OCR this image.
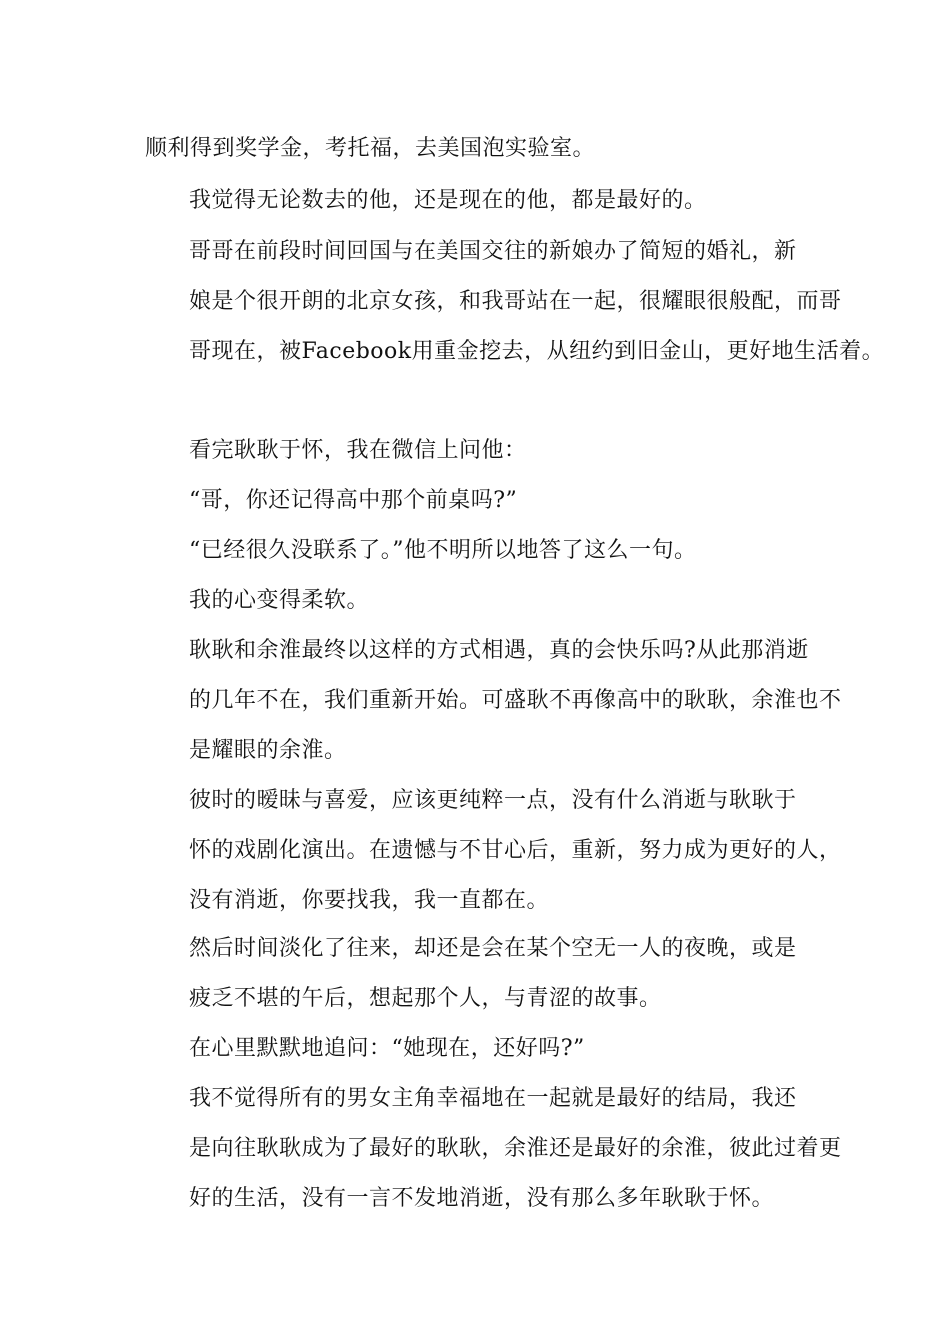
顺利得到奖学金，考托福，去美国泡实验室。

我觉得无论数去的他，还是现在的他，都是最好的。

哥哥在前段时间回国与在美国交往的新娘办了简短的婚礼，新
娘是个很开朗的北京女孩，和我哥站在一起，很耀眼很般配，而哥
哥现在，被Facebook用重金挖去，从纽约到旧金山，更好地生活着。

看完耿耿于怀，我在微信上问他：

“哥，你还记得高中那个前桌吗?”

“已经很久没联系了。”他不明所以地答了这么一句。

我的心变得柔软。

耿耿和余淮最终以这样的方式相遇，真的会快乐吗?从此那消逝
的几年不在，我们重新开始。可盛耿不再像高中的耿耿，余淮也不
是耀眼的余淮。

彼时的暧昧与喜爱，应该更纯粹一点，没有什么消逝与耿耿于
怀的戏剧化演出。在遗憾与不甘心后，重新，努力成为更好的人，
没有消逝，你要找我，我一直都在。

然后时间淡化了往来，却还是会在某个空无一人的夜晚，或是
疲乏不堪的午后，想起那个人，与青涩的故事。

在心里默默地追问：“她现在，还好吗?”

我不觉得所有的男女主角幸福地在一起就是最好的结局，我还
是向往耿耿成为了最好的耿耿，余淮还是最好的余淮，彼此过着更
好的生活，没有一言不发地消逝，没有那么多年耿耿于怀。
